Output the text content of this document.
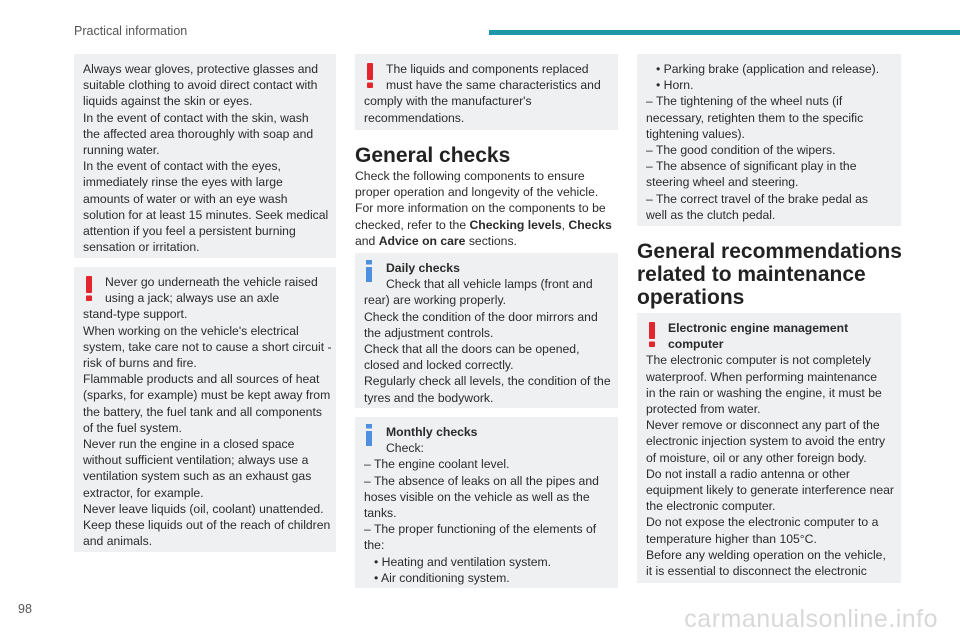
Practical information
Always wear gloves, protective glasses and
suitable clothing to avoid direct contact with
liquids against the skin or eyes.
In the event of contact with the skin, wash
the affected area thoroughly with soap and
running water.
In the event of contact with the eyes,
immediately rinse the eyes with large
amounts of water or with an eye wash
solution for at least 15 minutes. Seek medical
attention if you feel a persistent burning
sensation or irritation.
Never go underneath the vehicle raised
using a jack; always use an axle
stand-type support.
When working on the vehicle's electrical
system, take care not to cause a short circuit -
risk of burns and fire.
Flammable products and all sources of heat
(sparks, for example) must be kept away from
the battery, the fuel tank and all components
of the fuel system.
Never run the engine in a closed space
without sufficient ventilation; always use a
ventilation system such as an exhaust gas
extractor, for example.
Never leave liquids (oil, coolant) unattended.
Keep these liquids out of the reach of children
and animals.
The liquids and components replaced
must have the same characteristics and
comply with the manufacturer's
recommendations.
General checks
Check the following components to ensure
proper operation and longevity of the vehicle.
For more information on the components to be
checked, refer to the Checking levels, Checks
and Advice on care sections.
Daily checks
Check that all vehicle lamps (front and
rear) are working properly.
Check the condition of the door mirrors and
the adjustment controls.
Check that all the doors can be opened,
closed and locked correctly.
Regularly check all levels, the condition of the
tyres and the bodywork.
Monthly checks
Check:
– The engine coolant level.
– The absence of leaks on all the pipes and
hoses visible on the vehicle as well as the
tanks.
– The proper functioning of the elements of
the:
• Heating and ventilation system.
• Air conditioning system.
• Parking brake (application and release).
• Horn.
– The tightening of the wheel nuts (if
necessary, retighten them to the specific
tightening values).
– The good condition of the wipers.
– The absence of significant play in the
steering wheel and steering.
– The correct travel of the brake pedal as
well as the clutch pedal.
General recommendations
related to maintenance
operations
Electronic engine management
computer
The electronic computer is not completely
waterproof. When performing maintenance
in the rain or washing the engine, it must be
protected from water.
Never remove or disconnect any part of the
electronic injection system to avoid the entry
of moisture, oil or any other foreign body.
Do not install a radio antenna or other
equipment likely to generate interference near
the electronic computer.
Do not expose the electronic computer to a
temperature higher than 105°C.
Before any welding operation on the vehicle,
it is essential to disconnect the electronic
98	carmanualsonline.info
